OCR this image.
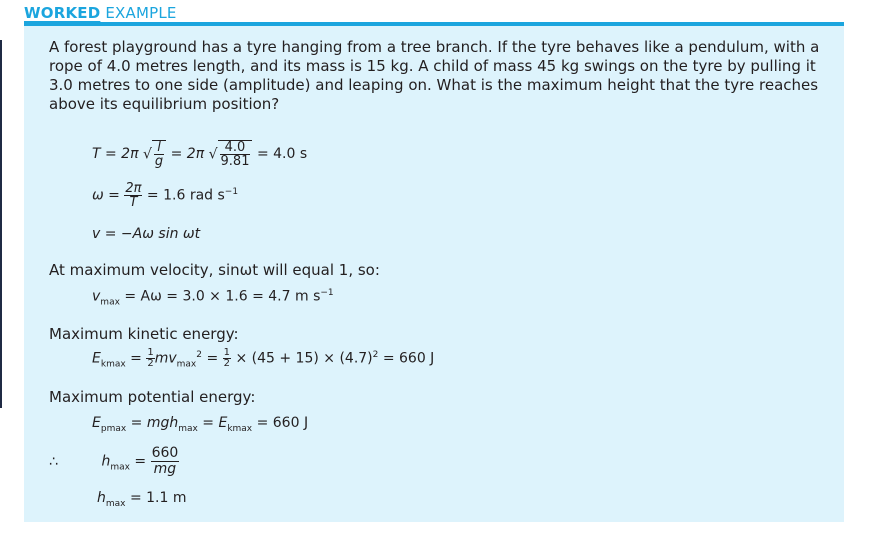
WORKED EXAMPLE
A forest playground has a tyre hanging from a tree branch. If the tyre behaves like a pendulum, with a rope of 4.0 metres length, and its mass is 15 kg. A child of mass 45 kg swings on the tyre by pulling it 3.0 metres to one side (amplitude) and leaping on. What is the maximum height that the tyre reaches above its equilibrium position?
T = 2π √ $\frac{l}{g} = 2\pi$ √ $\frac{4.0}{9.81} = 4.0$ s
$\omega = \frac{2\pi}{T} = 1.6$ rad $s^{-1}$
v = −Aω sin ωt
At maximum velocity, sinωt will equal 1, so:
$v_{max} = A\omega = 3.0 \times 1.6 = 4.7$ m $s^{-1}$
Maximum kinetic energy:
$E_{kmax} = \frac{1}{2} mv_{max}^2 = \frac{1}{2} \times (45 + 15) \times (4.7)^2 = 660$ J
Maximum potential energy:
$E_{pmax} = mgh_{max} = E_{kmax} = 660$ J
∴	$h_{max} = \frac{660}{mg}$
$h_{max} = 1.1$ m
